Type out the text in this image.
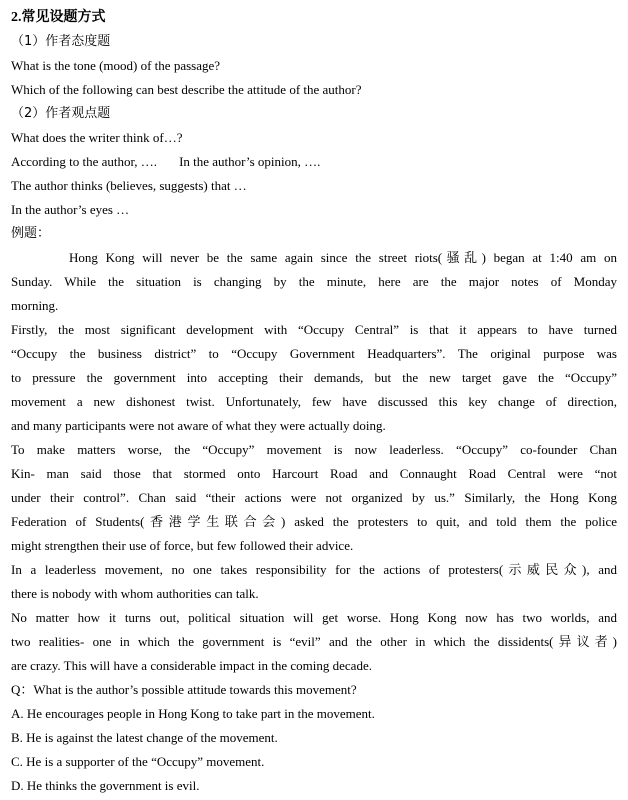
2.常见设题方式
（1）作者态度题
What is the tone (mood) of the passage?
Which of the following can best describe the attitude of the author?
（2）作者观点题
What does the writer think of…?
According to the author, …. In the author’s opinion, ….
The author thinks (believes, suggests) that …
In the author’s eyes …
例题：
Hong Kong will never be the same again since the street riots(骚乱) began at 1:40 am on
Sunday. While the situation is changing by the minute, here are the major notes of Monday
morning.
Firstly, the most significant development with “Occupy Central” is that it appears to have turned
“Occupy the business district” to “Occupy Government Headquarters”. The original purpose was
to pressure the government into accepting their demands, but the new target gave the “Occupy”
movement a new dishonest twist. Unfortunately, few have discussed this key change of direction,
and many participants were not aware of what they were actually doing.
To make matters worse, the “Occupy” movement is now leaderless. “Occupy” co-founder Chan
Kin- man said those that stormed onto Harcourt Road and Connaught Road Central were “not
under their control”. Chan said “their actions were not organized by us.” Similarly, the Hong Kong
Federation of Students(香港学生联合会) asked the protesters to quit, and told them the police
might strengthen their use of force, but few followed their advice.
In a leaderless movement, no one takes responsibility for the actions of protesters(示威民众), and
there is nobody with whom authorities can talk.
No matter how it turns out, political situation will get worse. Hong Kong now has two worlds, and
two realities- one in which the government is “evil” and the other in which the dissidents(异议者)
are crazy. This will have a considerable impact in the coming decade.
Q：What is the author’s possible attitude towards this movement?
A. He encourages people in Hong Kong to take part in the movement.
B. He is against the latest change of the movement.
C. He is a supporter of the “Occupy” movement.
D. He thinks the government is evil.
